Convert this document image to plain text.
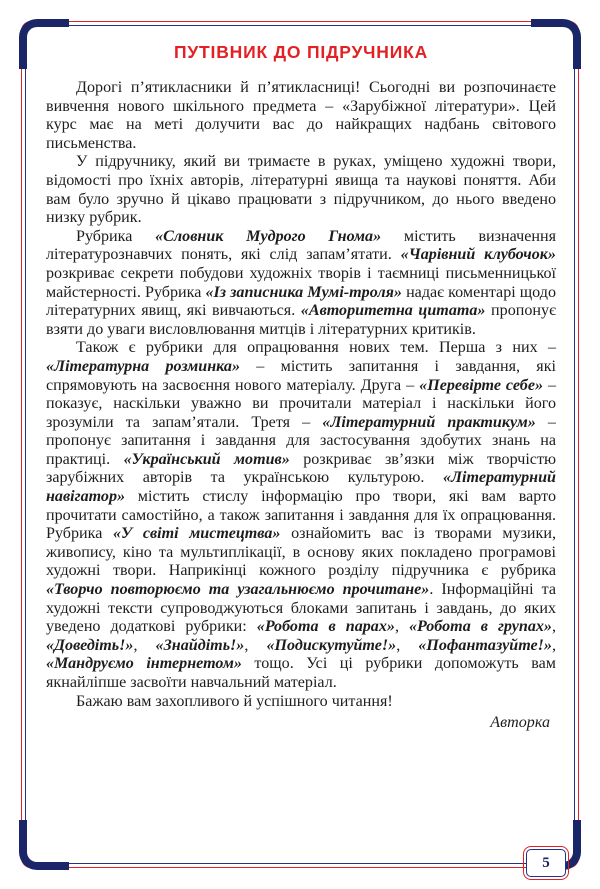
ПУТІВНИК ДО ПІДРУЧНИКА

Дорогі п’ятикласники й п’ятикласниці! Сьогодні ви розпочинаєте вивчення нового шкільного предмета – «Зарубіжної літератури». Цей курс має на меті долучити вас до найкращих надбань світового письменства.

У підручнику, який ви тримаєте в руках, уміщено художні твори, відомості про їхніх авторів, літературні явища та наукові поняття. Аби вам було зручно й цікаво працювати з підручником, до нього введено низку рубрик.

Рубрика «Словник Мудрого Гнома» містить визначення літературознавчих понять, які слід запам’ятати. «Чарівний клубочок» розкриває секрети побудови художніх творів і таємниці письменницької майстерності. Рубрика «Із записника Мумі-троля» надає коментарі щодо літературних явищ, які вивчаються. «Авторитетна цитата» пропонує взяти до уваги висловлювання митців і літературних критиків.

Також є рубрики для опрацювання нових тем. Перша з них – «Літературна розминка» – містить запитання і завдання, які спрямовують на засвоєння нового матеріалу. Друга – «Перевірте себе» – показує, наскільки уважно ви прочитали матеріал і наскільки його зрозуміли та запам’ятали. Третя – «Літературний практикум» – пропонує запитання і завдання для застосування здобутих знань на практиці. «Український мотив» розкриває зв’язки між творчістю зарубіжних авторів та українською культурою. «Літературний навігатор» містить стислу інформацію про твори, які вам варто прочитати самостійно, а також запитання і завдання для їх опрацювання. Рубрика «У світі мистецтва» ознайомить вас із творами музики, живопису, кіно та мультиплікації, в основу яких покладено програмові художні твори. Наприкінці кожного розділу підручника є рубрика «Творчо повторюємо та узагальнюємо прочитане». Інформаційні та художні тексти супроводжуються блоками запитань і завдань, до яких уведено додаткові рубрики: «Робота в парах», «Робота в групах», «Доведіть!», «Знайдіть!», «Подискутуйте!», «Пофантазуйте!», «Мандруємо інтернетом» тощо. Усі ці рубрики допоможуть вам якнайліпше засвоїти навчальний матеріал.

Бажаю вам захопливого й успішного читання!

Авторка
5
